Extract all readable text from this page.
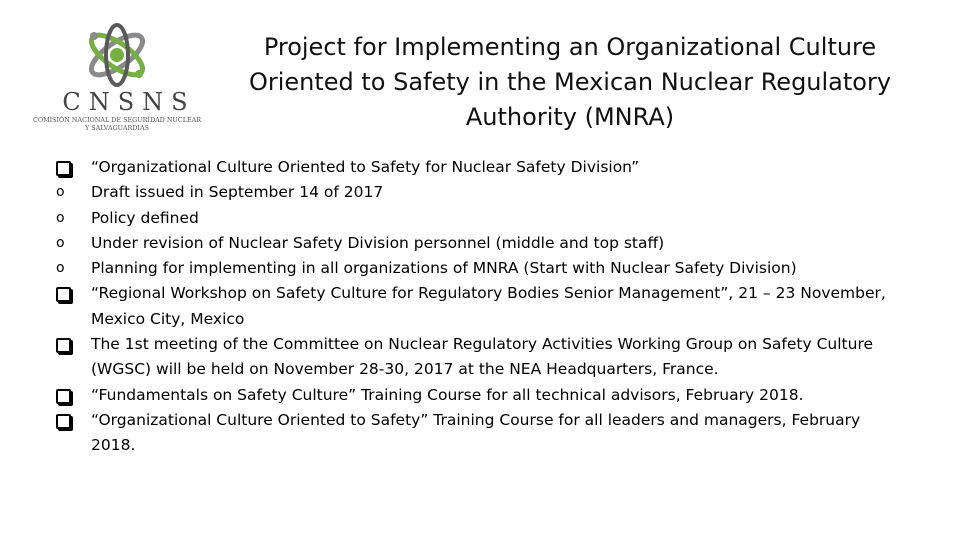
CNSNS
COMISIÓN NACIONAL DE SEGURIDAD NUCLEAR
Y SALVAGUARDIAS
Project for Implementing an Organizational Culture Oriented to Safety in the Mexican Nuclear Regulatory Authority (MNRA)
“Organizational Culture Oriented to Safety for Nuclear Safety Division”
o	Draft issued in September 14 of 2017
o	Policy defined
o	Under revision of Nuclear Safety Division personnel (middle and top staff)
o	Planning for implementing in all organizations of MNRA (Start with Nuclear Safety Division)
“Regional Workshop on Safety Culture for Regulatory Bodies Senior Management”, 21 – 23 November, Mexico City, Mexico
The 1st meeting of the Committee on Nuclear Regulatory Activities Working Group on Safety Culture (WGSC) will be held on November 28-30, 2017 at the NEA Headquarters, France.
“Fundamentals on Safety Culture” Training Course for all technical advisors, February 2018.
“Organizational Culture Oriented to Safety” Training Course for all leaders and managers, February 2018.
